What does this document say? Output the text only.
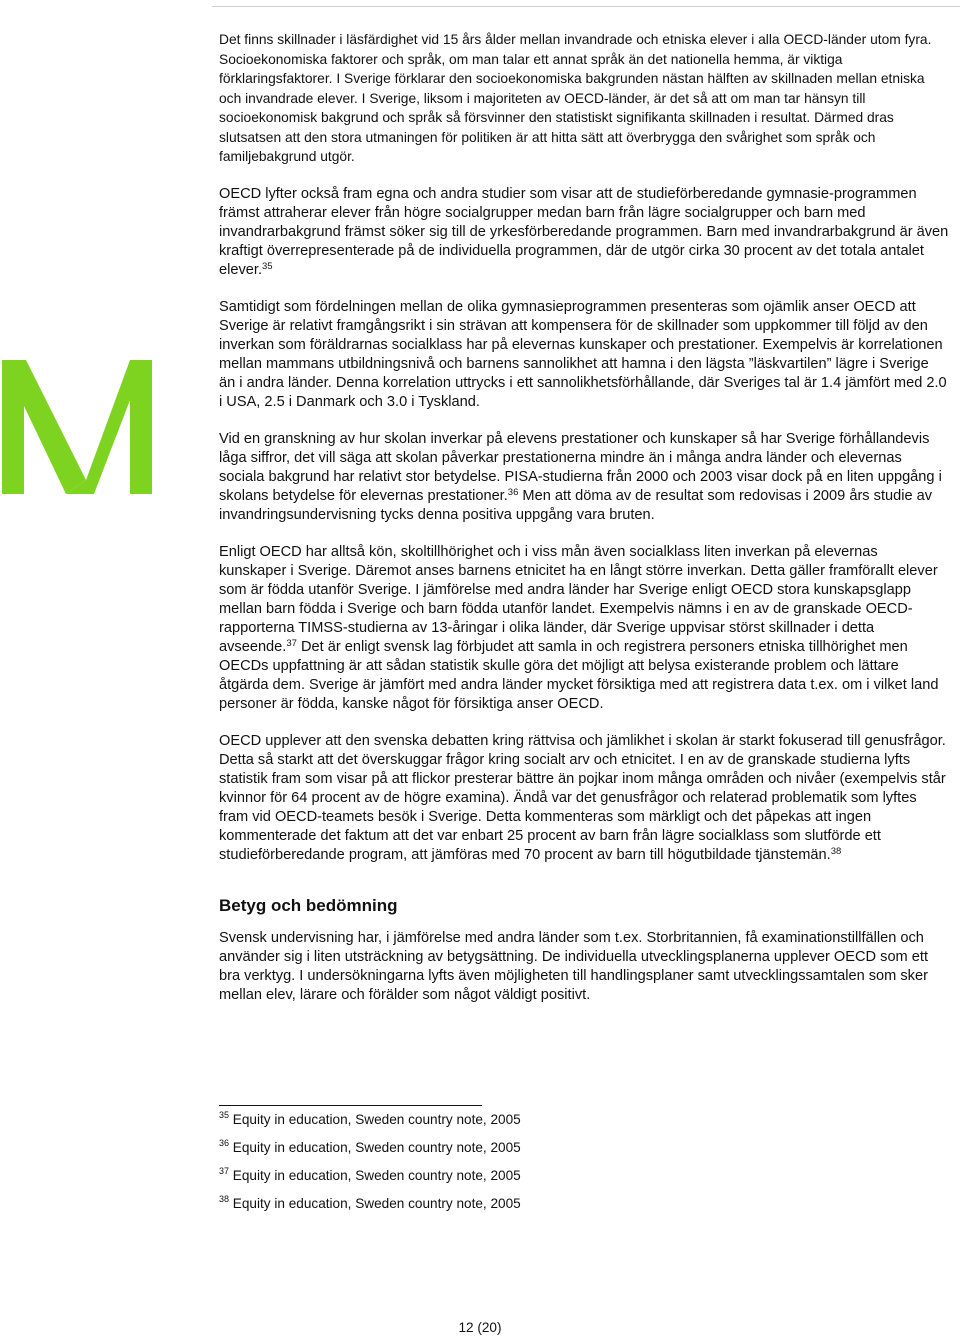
Det finns skillnader i läsfärdighet vid 15 års ålder mellan invandrade och etniska elever i alla OECD-länder utom fyra. Socioekonomiska faktorer och språk, om man talar ett annat språk än det nationella hemma, är viktiga förklaringsfaktorer. I Sverige förklarar den socioekonomiska bakgrunden nästan hälften av skillnaden mellan etniska och invandrade elever. I Sverige, liksom i majoriteten av OECD-länder, är det så att om man tar hänsyn till socioekonomisk bakgrund och språk så försvinner den statistiskt signifikanta skillnaden i resultat. Därmed dras slutsatsen att den stora utmaningen för politiken är att hitta sätt att överbrygga den svårighet som språk och familjebakgrund utgör.

OECD lyfter också fram egna och andra studier som visar att de studieförberedande gymnasie-programmen främst attraherar elever från högre socialgrupper medan barn från lägre socialgrupper och barn med invandrarbakgrund främst söker sig till de yrkesförberedande programmen. Barn med invandrarbakgrund är även kraftigt överrepresenterade på de individuella programmen, där de utgör cirka 30 procent av det totala antalet elever.$^{35}$

Samtidigt som fördelningen mellan de olika gymnasieprogrammen presenteras som ojämlik anser OECD att Sverige är relativt framgångsrikt i sin strävan att kompensera för de skillnader som uppkommer till följd av den inverkan som föräldrarnas socialklass har på elevernas kunskaper och prestationer. Exempelvis är korrelationen mellan mammans utbildningsnivå och barnens sannolikhet att hamna i den lägsta ”läskvartilen” lägre i Sverige än i andra länder. Denna korrelation uttrycks i ett sannolikhetsförhållande, där Sveriges tal är 1.4 jämfört med 2.0 i USA, 2.5 i Danmark och 3.0 i Tyskland.

Vid en granskning av hur skolan inverkar på elevens prestationer och kunskaper så har Sverige förhållandevis låga siffror, det vill säga att skolan påverkar prestationerna mindre än i många andra länder och elevernas sociala bakgrund har relativt stor betydelse. PISA-studierna från 2000 och 2003 visar dock på en liten uppgång i skolans betydelse för elevernas prestationer.$^{36}$ Men att döma av de resultat som redovisas i 2009 års studie av invandringsundervisning tycks denna positiva uppgång vara bruten.

Enligt OECD har alltså kön, skoltillhörighet och i viss mån även socialklass liten inverkan på elevernas kunskaper i Sverige. Däremot anses barnens etnicitet ha en långt större inverkan. Detta gäller framförallt elever som är födda utanför Sverige. I jämförelse med andra länder har Sverige enligt OECD stora kunskapsglapp mellan barn födda i Sverige och barn födda utanför landet. Exempelvis nämns i en av de granskade OECD-rapporterna TIMSS-studierna av 13-åringar i olika länder, där Sverige uppvisar störst skillnader i detta avseende.$^{37}$ Det är enligt svensk lag förbjudet att samla in och registrera personers etniska tillhörighet men OECDs uppfattning är att sådan statistik skulle göra det möjligt att belysa existerande problem och lättare åtgärda dem. Sverige är jämfört med andra länder mycket försiktiga med att registrera data t.ex. om i vilket land personer är födda, kanske något för försiktiga anser OECD.

OECD upplever att den svenska debatten kring rättvisa och jämlikhet i skolan är starkt fokuserad till genusfrågor. Detta så starkt att det överskuggar frågor kring socialt arv och etnicitet. I en av de granskade studierna lyfts statistik fram som visar på att flickor presterar bättre än pojkar inom många områden och nivåer (exempelvis står kvinnor för 64 procent av de högre examina). Ändå var det genusfrågor och relaterad problematik som lyftes fram vid OECD-teamets besök i Sverige. Detta kommenteras som märkligt och det påpekas att ingen kommenterade det faktum att det var enbart 25 procent av barn från lägre socialklass som slutförde ett studieförberedande program, att jämföras med 70 procent av barn till högutbildade tjänstemän.$^{38}$

Betyg och bedömning

Svensk undervisning har, i jämförelse med andra länder som t.ex. Storbritannien, få examinationstillfällen och använder sig i liten utsträckning av betygsättning. De individuella utvecklingsplanerna upplever OECD som ett bra verktyg. I undersökningarna lyfts även möjligheten till handlingsplaner samt utvecklingssamtalen som sker mellan elev, lärare och förälder som något väldigt positivt.

$^{35}$ Equity in education, Sweden country note, 2005

$^{36}$ Equity in education, Sweden country note, 2005

$^{37}$ Equity in education, Sweden country note, 2005

$^{38}$ Equity in education, Sweden country note, 2005

12 (20)
